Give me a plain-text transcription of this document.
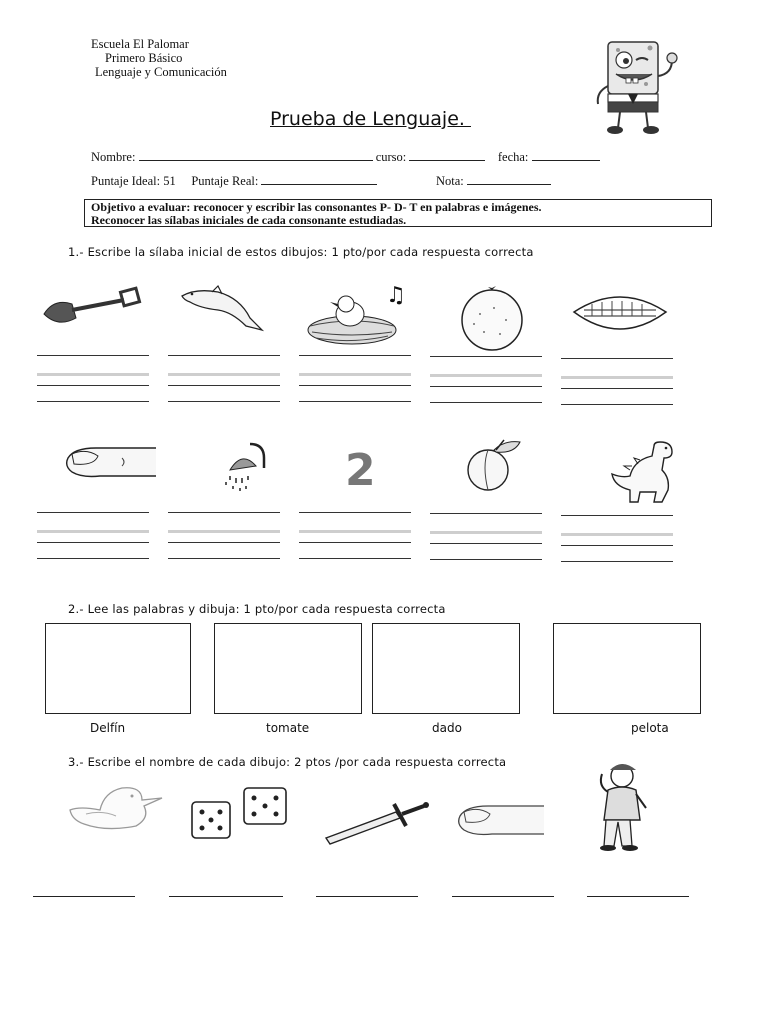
Escuela El Palomar
Primero Básico
Lenguaje y Comunicación
Prueba de Lenguaje.
Nombre:	curso:	fecha:
Puntaje Ideal: 51 Puntaje Real:	Nota:
Objetivo a evaluar: reconocer y escribir las consonantes P- D- T en palabras e imágenes.
Reconocer las sílabas iniciales de cada consonante estudiadas.
1.- Escribe la sílaba inicial de estos dibujos: 1 pto/por cada respuesta correcta
♫
2
2.- Lee las palabras y dibuja: 1 pto/por cada respuesta correcta
Delfín	tomate	dado	pelota
3.- Escribe el nombre de cada dibujo: 2 ptos /por cada respuesta correcta
